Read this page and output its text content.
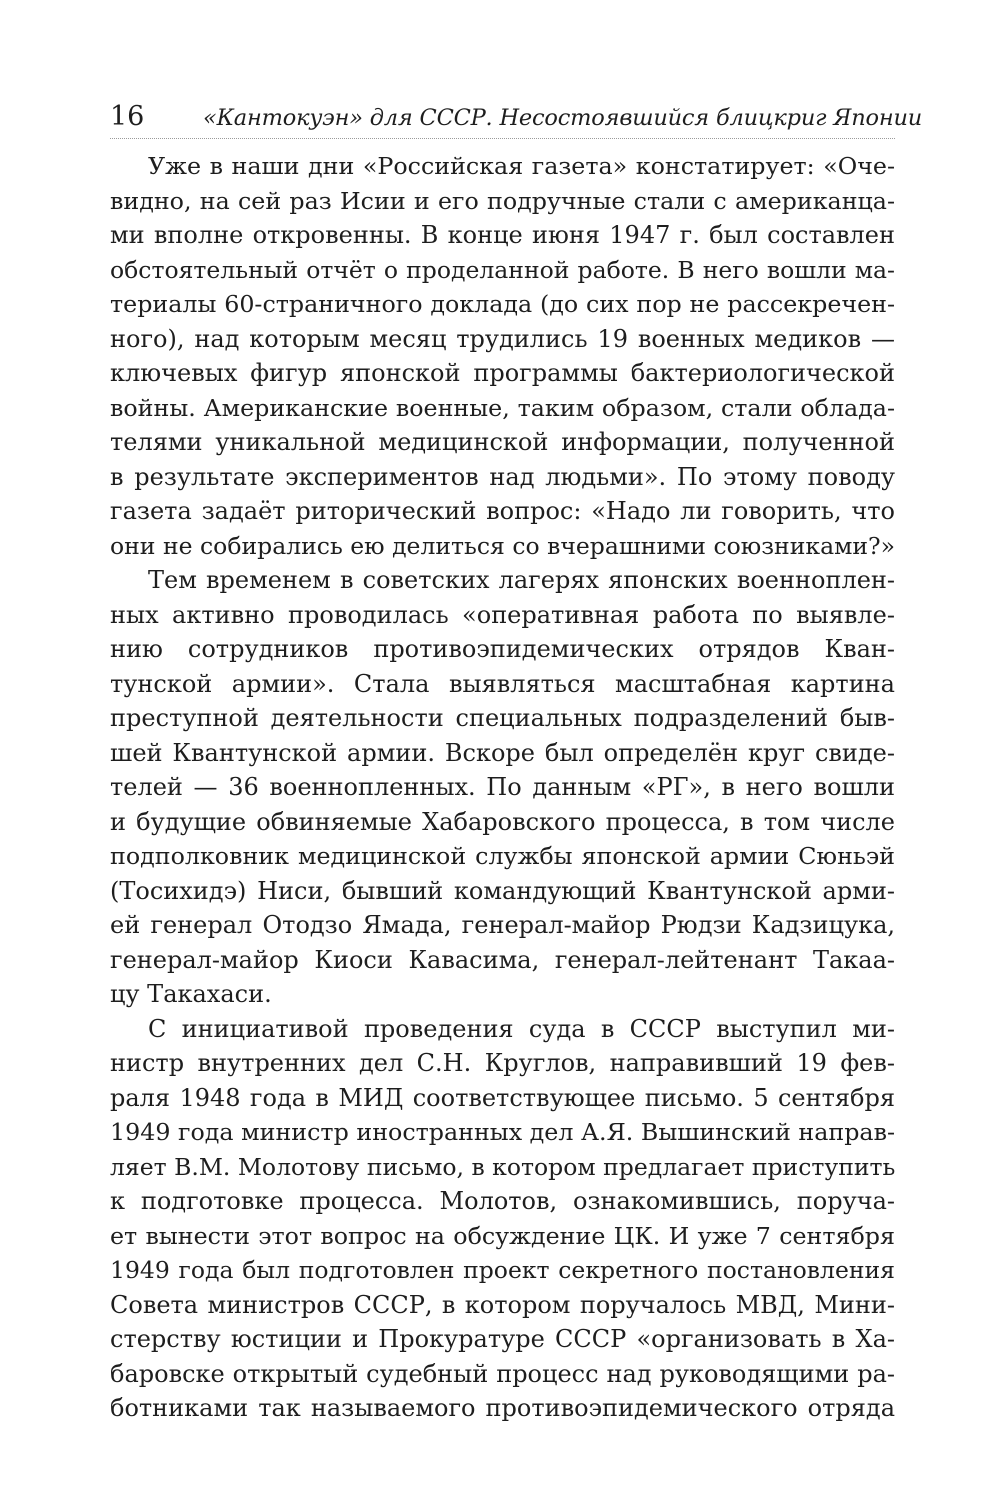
16	«Кантокуэн» для СССР. Несостоявшийся блицкриг Японии
Уже в наши дни «Российская газета» констатирует: «Оче-
видно, на сей раз Исии и его подручные стали с американца-
ми вполне откровенны. В конце июня 1947 г. был составлен
обстоятельный отчёт о проделанной работе. В него вошли ма-
териалы 60-страничного доклада (до сих пор не рассекречен-
ного), над которым месяц трудились 19 военных медиков —
ключевых фигур японской программы бактериологической
войны. Американские военные, таким образом, стали облада-
телями уникальной медицинской информации, полученной
в результате экспериментов над людьми». По этому поводу
газета задаёт риторический вопрос: «Надо ли говорить, что
они не собирались ею делиться со вчерашними союзниками?»
Тем временем в советских лагерях японских военноплен-
ных активно проводилась «оперативная работа по выявле-
нию сотрудников противоэпидемических отрядов Кван-
тунской армии». Стала выявляться масштабная картина
преступной деятельности специальных подразделений быв-
шей Квантунской армии. Вскоре был определён круг свиде-
телей — 36 военнопленных. По данным «РГ», в него вошли
и будущие обвиняемые Хабаровского процесса, в том числе
подполковник медицинской службы японской армии Сюньэй
(Тосихидэ) Ниси, бывший командующий Квантунской арми-
ей генерал Отодзо Ямада, генерал-майор Рюдзи Кадзицука,
генерал-майор Киоси Кавасима, генерал-лейтенант Такаа-
цу Такахаси.
С инициативой проведения суда в СССР выступил ми-
нистр внутренних дел С.Н. Круглов, направивший 19 фев-
раля 1948 года в МИД соответствующее письмо. 5 сентября
1949 года министр иностранных дел А.Я. Вышинский направ-
ляет В.М. Молотову письмо, в котором предлагает приступить
к подготовке процесса. Молотов, ознакомившись, поруча-
ет вынести этот вопрос на обсуждение ЦК. И уже 7 сентября
1949 года был подготовлен проект секретного постановления
Совета министров СССР, в котором поручалось МВД, Мини-
стерству юстиции и Прокуратуре СССР «организовать в Ха-
баровске открытый судебный процесс над руководящими ра-
ботниками так называемого противоэпидемического отряда
